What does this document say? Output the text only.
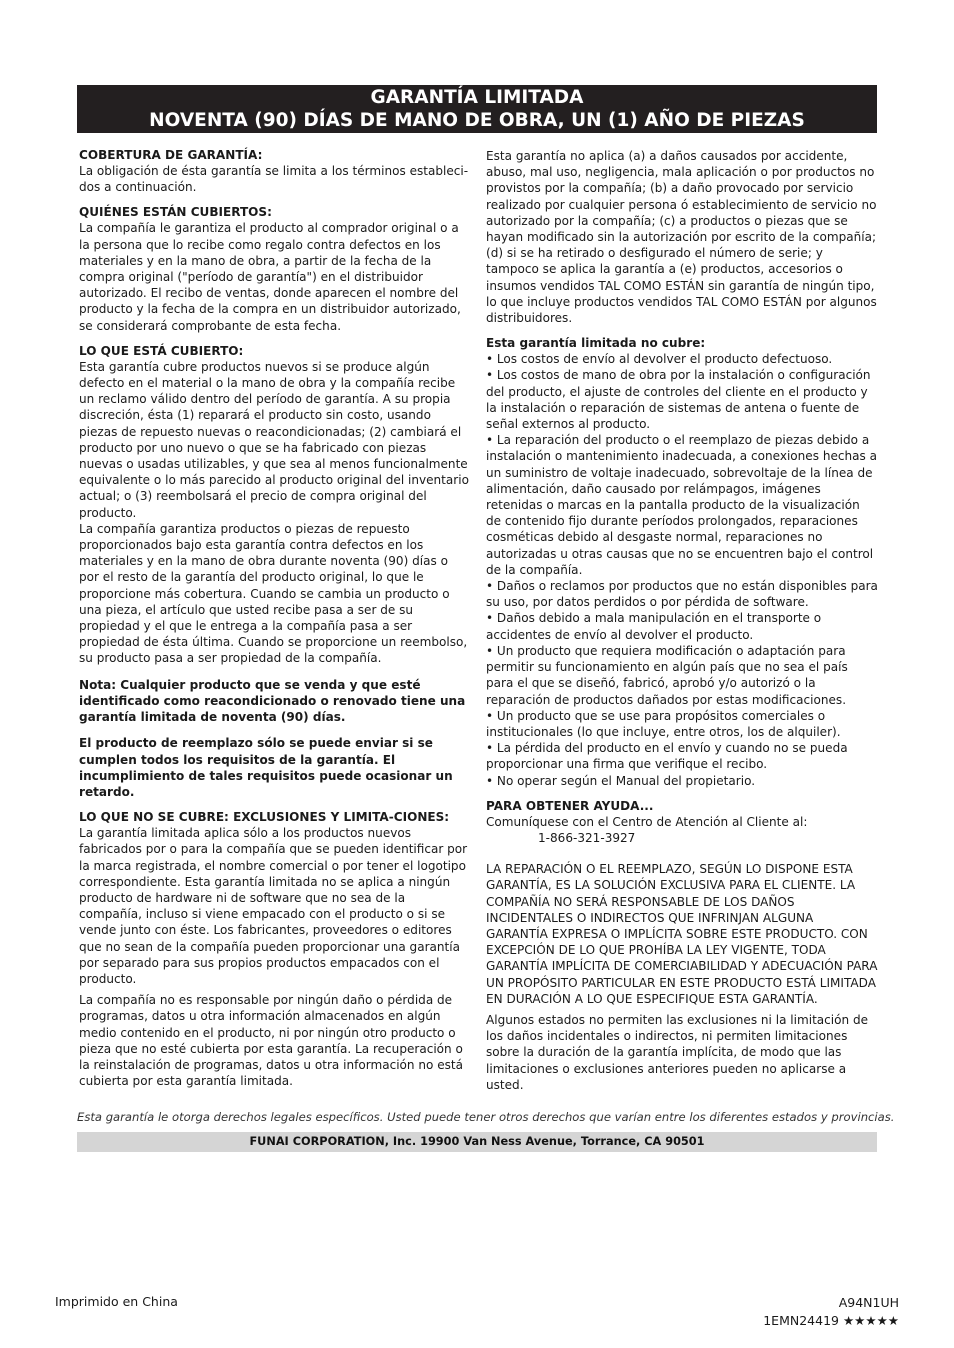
GARANTÍA LIMITADA
NOVENTA (90) DÍAS DE MANO DE OBRA, UN (1) AÑO DE PIEZAS
COBERTURA DE GARANTÍA:

La obligación de ésta garantía se limita a los términos estableci-dos a continuación.

QUIÉNES ESTÁN CUBIERTOS:

La compañía le garantiza el producto al comprador original o a la persona que lo recibe como regalo contra defectos en los materiales y en la mano de obra, a partir de la fecha de la compra original ("período de garantía") en el distribuidor autorizado. El recibo de ventas, donde aparecen el nombre del producto y la fecha de la compra en un distribuidor autorizado, se considerará comprobante de esta fecha.

LO QUE ESTÁ CUBIERTO:

Esta garantía cubre productos nuevos si se produce algún defecto en el material o la mano de obra y la compañía recibe un reclamo válido dentro del período de garantía. A su propia discreción, ésta (1) reparará el producto sin costo, usando piezas de repuesto nuevas o reacondicionadas; (2) cambiará el producto por uno nuevo o que se ha fabricado con piezas nuevas o usadas utilizables, y que sea al menos funcionalmente equivalente o lo más parecido al producto original del inventario actual; o (3) reembolsará el precio de compra original del producto.

La compañía garantiza productos o piezas de repuesto proporcionados bajo esta garantía contra defectos en los materiales y en la mano de obra durante noventa (90) días o por el resto de la garantía del producto original, lo que le proporcione más cobertura. Cuando se cambia un producto o una pieza, el artículo que usted recibe pasa a ser de su propiedad y el que le entrega a la compañía pasa a ser propiedad de ésta última. Cuando se proporcione un reembolso, su producto pasa a ser propiedad de la compañía.

Nota: Cualquier producto que se venda y que esté identificado como reacondicionado o renovado tiene una garantía limitada de noventa (90) días.

El producto de reemplazo sólo se puede enviar si se cumplen todos los requisitos de la garantía. El incumplimiento de tales requisitos puede ocasionar un retardo.

LO QUE NO SE CUBRE: EXCLUSIONES Y LIMITA-CIONES:

La garantía limitada aplica sólo a los productos nuevos fabricados por o para la compañía que se pueden identificar por la marca registrada, el nombre comercial o por tener el logotipo correspondiente. Esta garantía limitada no se aplica a ningún producto de hardware ni de software que no sea de la compañía, incluso si viene empacado con el producto o si se vende junto con éste. Los fabricantes, proveedores o editores que no sean de la compañía pueden proporcionar una garantía por separado para sus propios productos empacados con el producto.

La compañía no es responsable por ningún daño o pérdida de programas, datos u otra información almacenados en algún medio contenido en el producto, ni por ningún otro producto o pieza que no esté cubierta por esta garantía. La recuperación o la reinstalación de programas, datos u otra información no está cubierta por esta garantía limitada.

Esta garantía no aplica (a) a daños causados por accidente, abuso, mal uso, negligencia, mala aplicación o por productos no provistos por la compañía; (b) a daño provocado por servicio realizado por cualquier persona ó establecimiento de servicio no autorizado por la compañía; (c) a productos o piezas que se hayan modificado sin la autorización por escrito de la compañía; (d) si se ha retirado o desfigurado el número de serie; y tampoco se aplica la garantía a (e) productos, accesorios o insumos vendidos TAL COMO ESTÁN sin garantía de ningún tipo, lo que incluye productos vendidos TAL COMO ESTÁN por algunos distribuidores.

Esta garantía limitada no cubre:

• Los costos de envío al devolver el producto defectuoso.

• Los costos de mano de obra por la instalación o configuración del producto, el ajuste de controles del cliente en el producto y la instalación o reparación de sistemas de antena o fuente de señal externos al producto.

• La reparación del producto o el reemplazo de piezas debido a instalación o mantenimiento inadecuada, a conexiones hechas a un suministro de voltaje inadecuado, sobrevoltaje de la línea de alimentación, daño causado por relámpagos, imágenes retenidas o marcas en la pantalla producto de la visualización de contenido fijo durante períodos prolongados, reparaciones cosméticas debido al desgaste normal, reparaciones no autorizadas u otras causas que no se encuentren bajo el control de la compañía.

• Daños o reclamos por productos que no están disponibles para su uso, por datos perdidos o por pérdida de software.

• Daños debido a mala manipulación en el transporte o accidentes de envío al devolver el producto.

• Un producto que requiera modificación o adaptación para permitir su funcionamiento en algún país que no sea el país para el que se diseñó, fabricó, aprobó y/o autorizó o la reparación de productos dañados por estas modificaciones.

• Un producto que se use para propósitos comerciales o institucionales (lo que incluye, entre otros, los de alquiler).

• La pérdida del producto en el envío y cuando no se pueda proporcionar una firma que verifique el recibo.

• No operar según el Manual del propietario.

PARA OBTENER AYUDA...

Comuníquese con el Centro de Atención al Cliente al:

1-866-321-3927

LA REPARACIÓN O EL REEMPLAZO, SEGÚN LO DISPONE ESTA GARANTÍA, ES LA SOLUCIÓN EXCLUSIVA PARA EL CLIENTE. LA COMPAÑÍA NO SERÁ RESPONSABLE DE LOS DAÑOS INCIDENTALES O INDIRECTOS QUE INFRINJAN ALGUNA GARANTÍA EXPRESA O IMPLÍCITA SOBRE ESTE PRODUCTO. CON EXCEPCIÓN DE LO QUE PROHÍBA LA LEY VIGENTE, TODA GARANTÍA IMPLÍCITA DE COMERCIABILIDAD Y ADECUACIÓN PARA UN PROPÓSITO PARTICULAR EN ESTE PRODUCTO ESTÁ LIMITADA EN DURACIÓN A LO QUE ESPECIFIQUE ESTA GARANTÍA.

Algunos estados no permiten las exclusiones ni la limitación de los daños incidentales o indirectos, ni permiten limitaciones sobre la duración de la garantía implícita, de modo que las limitaciones o exclusiones anteriores pueden no aplicarse a usted.

Esta garantía le otorga derechos legales específicos. Usted puede tener otros derechos que varían entre los diferentes estados y provincias.
FUNAI CORPORATION, Inc. 19900 Van Ness Avenue, Torrance, CA 90501
Imprimido en China	A94N1UH
1EMN24419 ★★★★★
